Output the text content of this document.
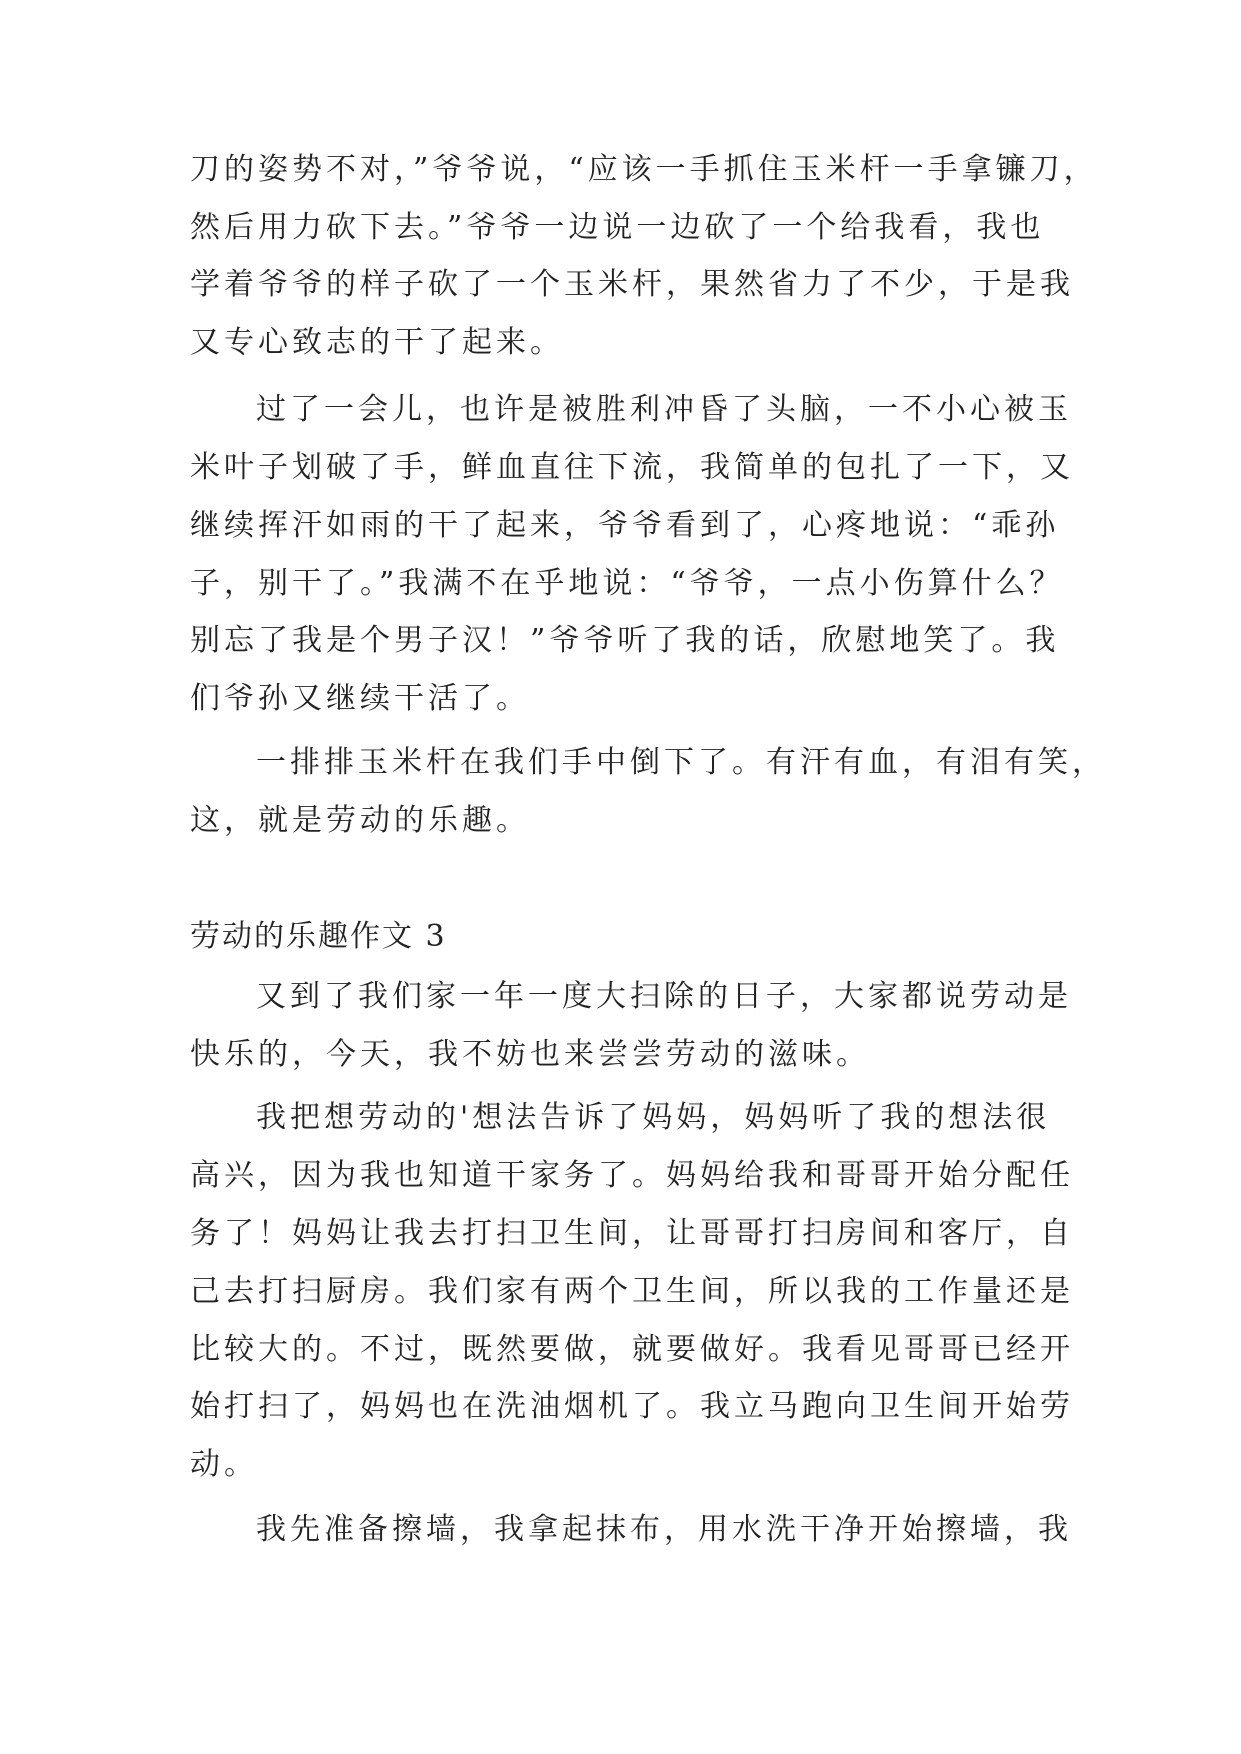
刀的姿势不对，”爷爷说，“应该一手抓住玉米杆一手拿镰刀，
然后用力砍下去。”爷爷一边说一边砍了一个给我看，我也
学着爷爷的样子砍了一个玉米杆，果然省力了不少，于是我
又专心致志的干了起来。
过了一会儿，也许是被胜利冲昏了头脑，一不小心被玉
米叶子划破了手，鲜血直往下流，我简单的包扎了一下，又
继续挥汗如雨的干了起来，爷爷看到了，心疼地说：“乖孙
子，别干了。”我满不在乎地说：“爷爷，一点小伤算什么？
别忘了我是个男子汉！”爷爷听了我的话，欣慰地笑了。我
们爷孙又继续干活了。
一排排玉米杆在我们手中倒下了。有汗有血，有泪有笑，
这，就是劳动的乐趣。
劳动的乐趣作文 3
又到了我们家一年一度大扫除的日子，大家都说劳动是
快乐的，今天，我不妨也来尝尝劳动的滋味。
我把想劳动的'想法告诉了妈妈，妈妈听了我的想法很
高兴，因为我也知道干家务了。妈妈给我和哥哥开始分配任
务了！妈妈让我去打扫卫生间，让哥哥打扫房间和客厅，自
己去打扫厨房。我们家有两个卫生间，所以我的工作量还是
比较大的。不过，既然要做，就要做好。我看见哥哥已经开
始打扫了，妈妈也在洗油烟机了。我立马跑向卫生间开始劳
动。
我先准备擦墙，我拿起抹布，用水洗干净开始擦墙，我
